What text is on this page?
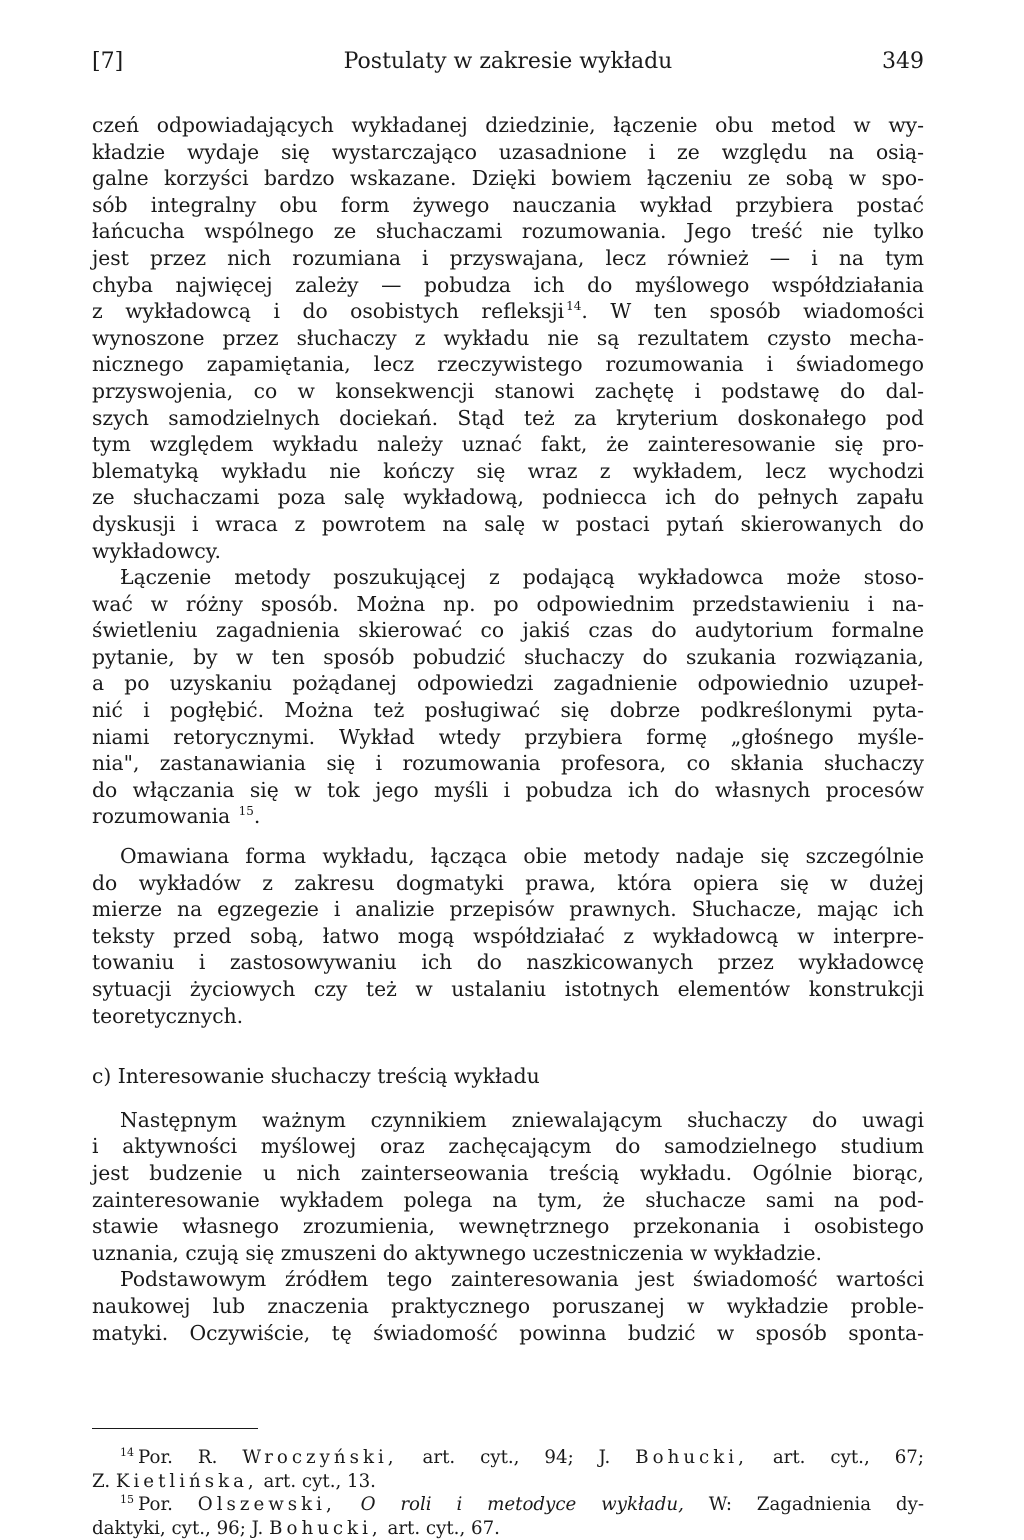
[7]	Postulaty w zakresie wykładu	349
czeń odpowiadających wykładanej dziedzinie, łączenie obu metod w wy-
kładzie wydaje się wystarczająco uzasadnione i ze względu na osią-
galne korzyści bardzo wskazane. Dzięki bowiem łączeniu ze sobą w spo-
sób integralny obu form żywego nauczania wykład przybiera postać
łańcucha wspólnego ze słuchaczami rozumowania. Jego treść nie tylko
jest przez nich rozumiana i przyswajana, lecz również — i na tym
chyba najwięcej zależy — pobudza ich do myślowego współdziałania
z wykładowcą i do osobistych refleksji $^{14}$. W ten sposób wiadomości
wynoszone przez słuchaczy z wykładu nie są rezultatem czysto mecha-
nicznego zapamiętania, lecz rzeczywistego rozumowania i świadomego
przyswojenia, co w konsekwencji stanowi zachętę i podstawę do dal-
szych samodzielnych dociekań. Stąd też za kryterium doskonałego pod
tym względem wykładu należy uznać fakt, że zainteresowanie się pro-
blematyką wykładu nie kończy się wraz z wykładem, lecz wychodzi
ze słuchaczami poza salę wykładową, podniecca ich do pełnych zapału
dyskusji i wraca z powrotem na salę w postaci pytań skierowanych do
wykładowcy.
Łączenie metody poszukującej z podającą wykładowca może stoso-
wać w różny sposób. Można np. po odpowiednim przedstawieniu i na-
świetleniu zagadnienia skierować co jakiś czas do audytorium formalne
pytanie, by w ten sposób pobudzić słuchaczy do szukania rozwiązania,
a po uzyskaniu pożądanej odpowiedzi zagadnienie odpowiednio uzupeł-
nić i pogłębić. Można też posługiwać się dobrze podkreślonymi pyta-
niami retorycznymi. Wykład wtedy przybiera formę „głośnego myśle-
nia", zastanawiania się i rozumowania profesora, co skłania słuchaczy
do włączania się w tok jego myśli i pobudza ich do własnych procesów
rozumowania $^{15}$.
Omawiana forma wykładu, łącząca obie metody nadaje się szczególnie
do wykładów z zakresu dogmatyki prawa, która opiera się w dużej
mierze na egzegezie i analizie przepisów prawnych. Słuchacze, mając ich
teksty przed sobą, łatwo mogą współdziałać z wykładowcą w interpre-
towaniu i zastosowywaniu ich do naszkicowanych przez wykładowcę
sytuacji życiowych czy też w ustalaniu istotnych elementów konstrukcji
teoretycznych.
c) Interesowanie słuchaczy treścią wykładu
Następnym ważnym czynnikiem zniewalającym słuchaczy do uwagi
i aktywności myślowej oraz zachęcającym do samodzielnego studium
jest budzenie u nich zainterseowania treścią wykładu. Ogólnie biorąc,
zainteresowanie wykładem polega na tym, że słuchacze sami na pod-
stawie własnego zrozumienia, wewnętrznego przekonania i osobistego
uznania, czują się zmuszeni do aktywnego uczestniczenia w wykładzie.
Podstawowym źródłem tego zainteresowania jest świadomość wartości
naukowej lub znaczenia praktycznego poruszanej w wykładzie proble-
matyki. Oczywiście, tę świadomość powinna budzić w sposób sponta-
$^{14}$ Por. R. Wroczyński, art. cyt., 94; J. Bohucki, art. cyt., 67;
Z. Kietlińska, art. cyt., 13.
$^{15}$ Por. Olszewski, O roli i metodyce wykładu, W: Zagadnienia dy-
daktyki, cyt., 96; J. Bohucki, art. cyt., 67.
